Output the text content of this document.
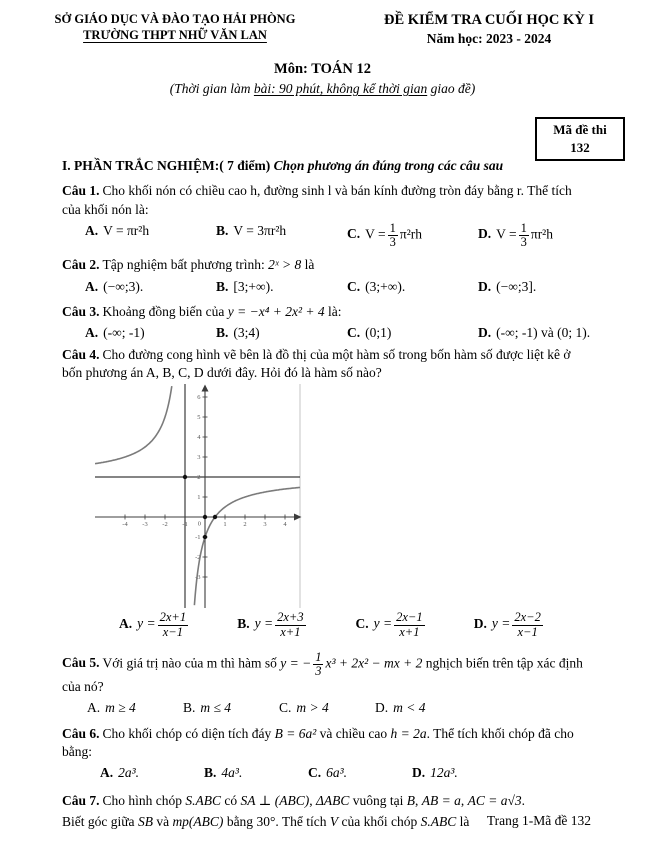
SỞ GIÁO DỤC VÀ ĐÀO TẠO HẢI PHÒNG
TRƯỜNG THPT NHỮ VĂN LAN
ĐỀ KIỂM TRA CUỐI HỌC KỲ I
Năm học: 2023 - 2024
Môn: TOÁN 12
(Thời gian làm bài: 90 phút, không kể thời gian giao đề)
Mã đề thi
132
I. PHẦN TRẮC NGHIỆM:( 7 điểm) Chọn phương án đúng trong các câu sau
Câu 1. Cho khối nón có chiều cao h, đường sinh l và bán kính đường tròn đáy bằng r. Thể tích của khối nón là:
A. V = πr²h	B. V = 3πr²h	C. $V = \frac{1}{3} \pi^2rh$	D. $V = \frac{1}{3} \pi r^2h$
Câu 2. Tập nghiệm bất phương trình: 2ˣ > 8 là
A. (−∞;3).	B. [3;+∞).	C. (3;+∞).	D. (−∞;3].
Câu 3. Khoảng đồng biến của y = −x⁴ + 2x² + 4 là:
A. (-∞; -1)	B. (3;4)	C. (0;1)	D. (-∞; -1) và (0; 1).
Câu 4. Cho đường cong hình vẽ bên là đồ thị của một hàm số trong bốn hàm số được liệt kê ở bốn phương án A, B, C, D dưới đây. Hỏi đó là hàm số nào?
-4 -3 -2 -1	1	2	3	4
-3
-2
-1
1
2
3
4
5
6
0
A. $y = \frac{2x+1}{x-1}$	B. $y = \frac{2x+3}{x+1}$	C. $y = \frac{2x-1}{x+1}$	D. $y = \frac{2x-2}{x-1}$
Câu 5. Với giá trị nào của m thì hàm số y = − $\frac{1}{3} x^3 + 2x^2$ − mx + 2 nghịch biến trên tập xác định của nó?
A. m ≥ 4	B. m ≤ 4	C. m > 4	D. m < 4
Câu 6. Cho khối chóp có diện tích đáy B = 6a² và chiều cao h = 2a. Thể tích khối chóp đã cho bằng:
A. 2a³.	B. 4a³.	C. 6a³.	D. 12a³.
Câu 7. Cho hình chóp S.ABC có SA ⊥ (ABC), ΔABC vuông tại B, AB = a, AC = a√3.
Biết góc giữa SB và mp(ABC) bằng 30°. Thể tích V của khối chóp S.ABC là	Trang 1-Mã đề 132
